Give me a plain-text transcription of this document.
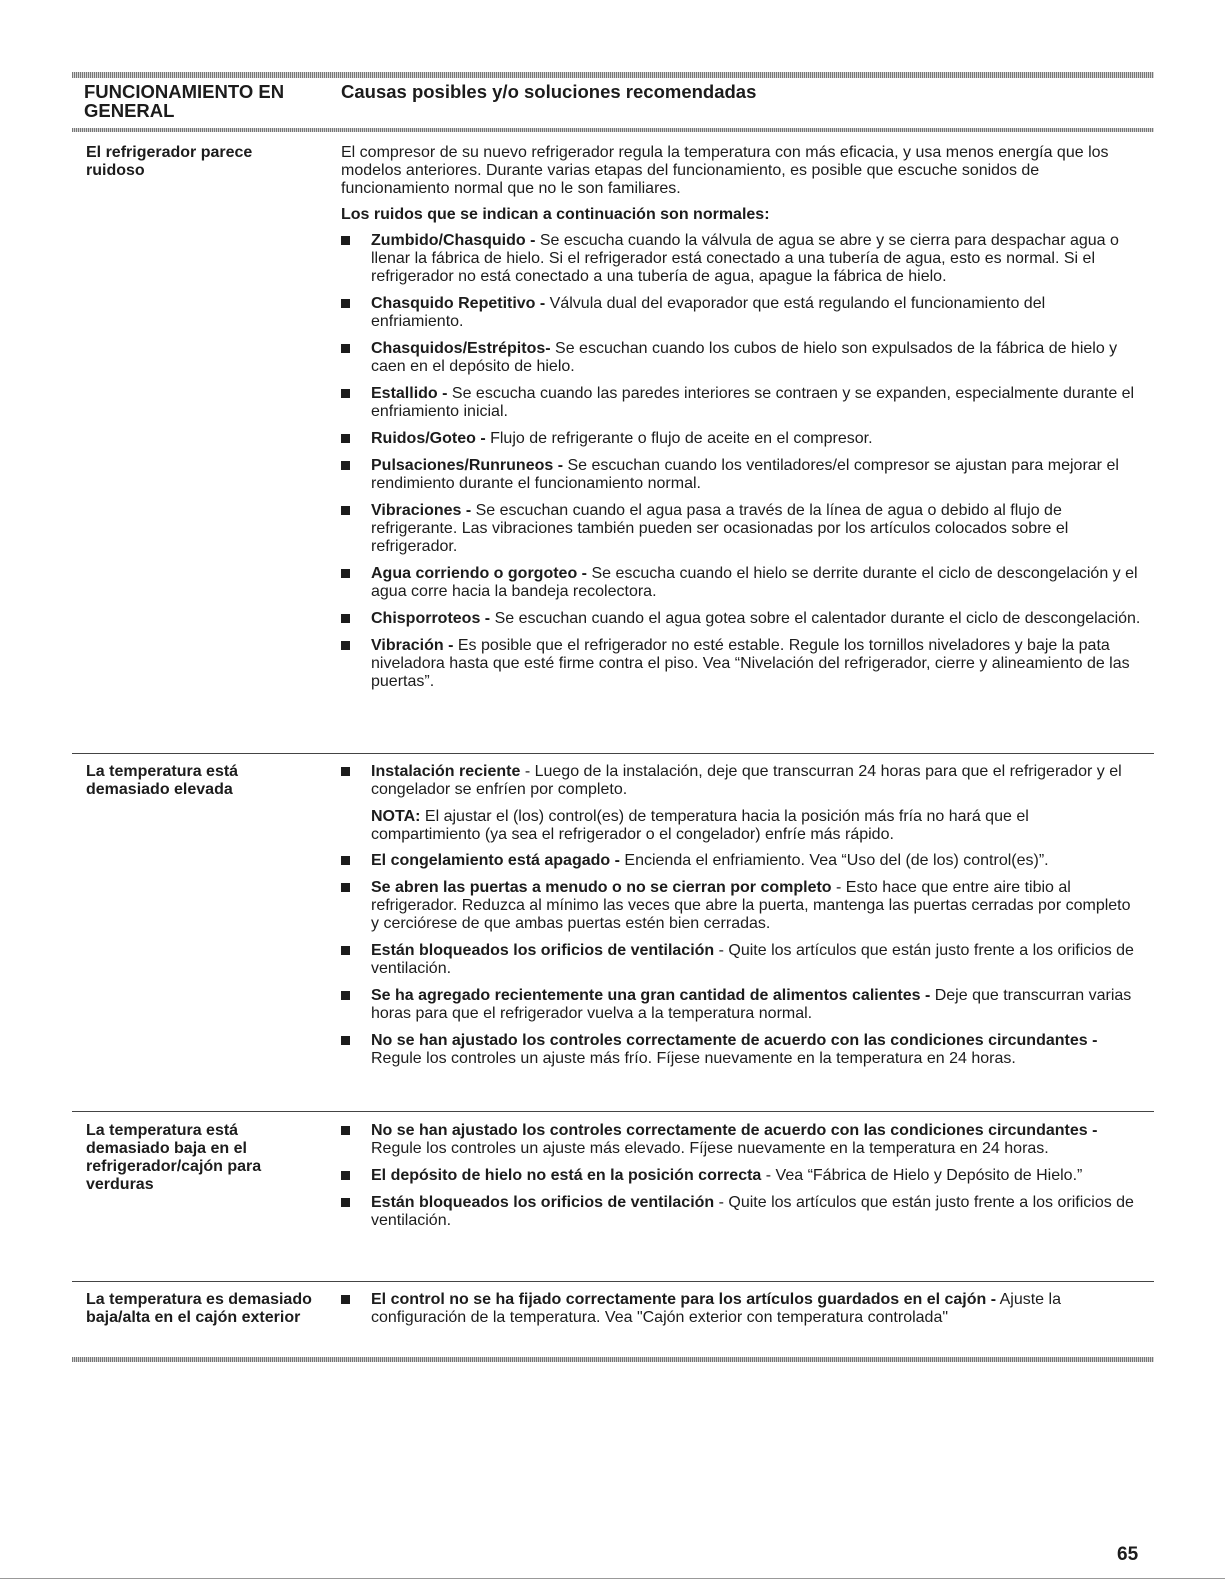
FUNCIONAMIENTO EN GENERAL
Causas posibles y/o soluciones recomendadas
El refrigerador parece ruidoso

El compresor de su nuevo refrigerador regula la temperatura con más eficacia, y usa menos energía que los modelos anteriores. Durante varias etapas del funcionamiento, es posible que escuche sonidos de funcionamiento normal que no le son familiares.

Los ruidos que se indican a continuación son normales:

Zumbido/Chasquido - Se escucha cuando la válvula de agua se abre y se cierra para despachar agua o llenar la fábrica de hielo. Si el refrigerador está conectado a una tubería de agua, esto es normal. Si el refrigerador no está conectado a una tubería de agua, apague la fábrica de hielo.
Chasquido Repetitivo - Válvula dual del evaporador que está regulando el funcionamiento del enfriamiento.
Chasquidos/Estrépitos- Se escuchan cuando los cubos de hielo son expulsados de la fábrica de hielo y caen en el depósito de hielo.
Estallido - Se escucha cuando las paredes interiores se contraen y se expanden, especialmente durante el enfriamiento inicial.
Ruidos/Goteo - Flujo de refrigerante o flujo de aceite en el compresor.
Pulsaciones/Runruneos - Se escuchan cuando los ventiladores/el compresor se ajustan para mejorar el rendimiento durante el funcionamiento normal.
Vibraciones - Se escuchan cuando el agua pasa a través de la línea de agua o debido al flujo de refrigerante. Las vibraciones también pueden ser ocasionadas por los artículos colocados sobre el refrigerador.
Agua corriendo o gorgoteo - Se escucha cuando el hielo se derrite durante el ciclo de descongelación y el agua corre hacia la bandeja recolectora.
Chisporroteos - Se escuchan cuando el agua gotea sobre el calentador durante el ciclo de descongelación.
Vibración - Es posible que el refrigerador no esté estable. Regule los tornillos niveladores y baje la pata niveladora hasta que esté firme contra el piso. Vea “Nivelación del refrigerador, cierre y alineamiento de las puertas”.
La temperatura está demasiado elevada
Instalación reciente - Luego de la instalación, deje que transcurran 24 horas para que el refrigerador y el congelador se enfríen por completo.

NOTA: El ajustar el (los) control(es) de temperatura hacia la posición más fría no hará que el compartimiento (ya sea el refrigerador o el congelador) enfríe más rápido.

El congelamiento está apagado - Encienda el enfriamiento. Vea “Uso del (de los) control(es)”.
Se abren las puertas a menudo o no se cierran por completo - Esto hace que entre aire tibio al refrigerador. Reduzca al mínimo las veces que abre la puerta, mantenga las puertas cerradas por completo y cerciórese de que ambas puertas estén bien cerradas.
Están bloqueados los orificios de ventilación - Quite los artículos que están justo frente a los orificios de ventilación.
Se ha agregado recientemente una gran cantidad de alimentos calientes - Deje que transcurran varias horas para que el refrigerador vuelva a la temperatura normal.
No se han ajustado los controles correctamente de acuerdo con las condiciones circundantes - Regule los controles un ajuste más frío. Fíjese nuevamente en la temperatura en 24 horas.
La temperatura está demasiado baja en el refrigerador/cajón para verduras
No se han ajustado los controles correctamente de acuerdo con las condiciones circundantes - Regule los controles un ajuste más elevado. Fíjese nuevamente en la temperatura en 24 horas.
El depósito de hielo no está en la posición correcta - Vea “Fábrica de Hielo y Depósito de Hielo.”
Están bloqueados los orificios de ventilación - Quite los artículos que están justo frente a los orificios de ventilación.
La temperatura es demasiado baja/alta en el cajón exterior
El control no se ha fijado correctamente para los artículos guardados en el cajón - Ajuste la configuración de la temperatura. Vea "Cajón exterior con temperatura controlada"
65
